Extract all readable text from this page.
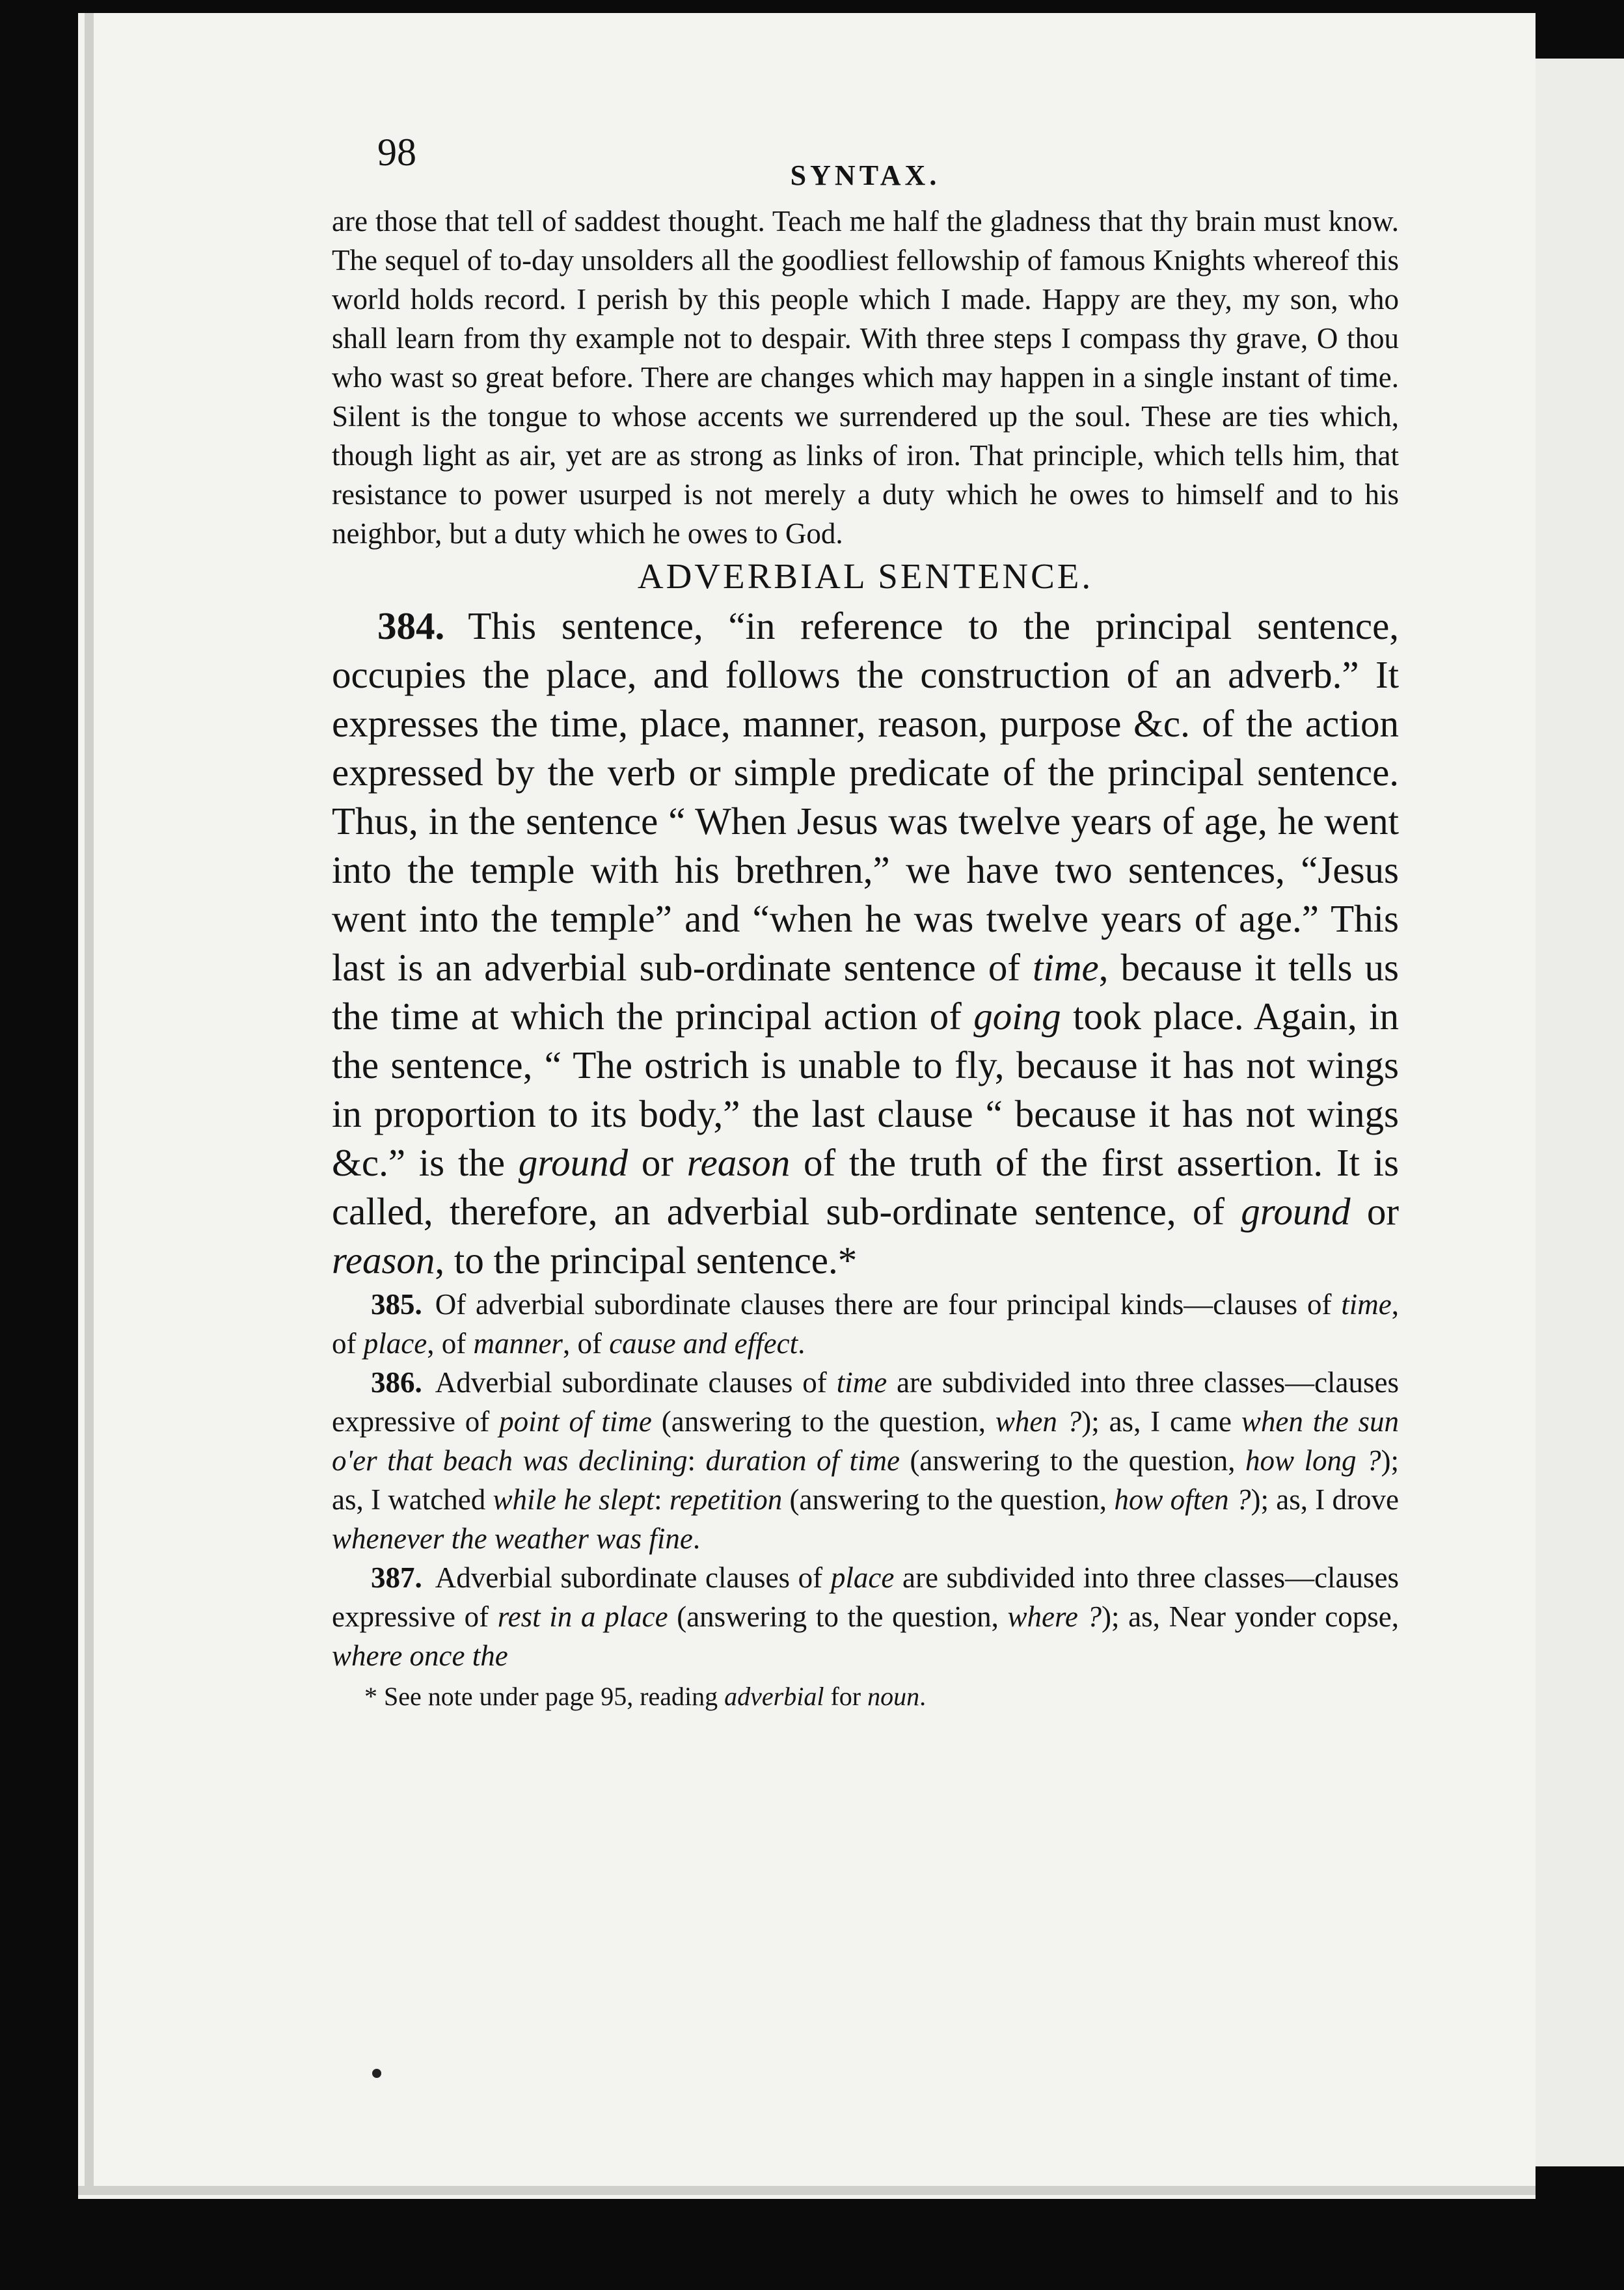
98
SYNTAX.

are those that tell of saddest thought. Teach me half the gladness that thy brain must know. The sequel of to-day unsolders all the goodliest fellowship of famous Knights whereof this world holds record. I perish by this people which I made. Happy are they, my son, who shall learn from thy example not to despair. With three steps I compass thy grave, O thou who wast so great before. There are changes which may happen in a single instant of time. Silent is the tongue to whose accents we surrendered up the soul. These are ties which, though light as air, yet are as strong as links of iron. That principle, which tells him, that resistance to power usurped is not merely a duty which he owes to himself and to his neighbor, but a duty which he owes to God.

ADVERBIAL SENTENCE.

384. This sentence, “in reference to the principal sentence, occupies the place, and follows the construction of an adverb.” It expresses the time, place, manner, reason, purpose &c. of the action expressed by the verb or simple predicate of the principal sentence. Thus, in the sentence “ When Jesus was twelve years of age, he went into the temple with his brethren,” we have two sentences, “Jesus went into the temple” and “when he was twelve years of age.” This last is an adverbial sub-ordinate sentence of time, because it tells us the time at which the principal action of going took place. Again, in the sentence, “ The ostrich is unable to fly, because it has not wings in proportion to its body,” the last clause “ because it has not wings &c.” is the ground or reason of the truth of the first assertion. It is called, therefore, an adverbial sub-ordinate sentence, of ground or reason, to the principal sentence.*

385. Of adverbial subordinate clauses there are four principal kinds—clauses of time, of place, of manner, of cause and effect.

386. Adverbial subordinate clauses of time are subdivided into three classes—clauses expressive of point of time (answering to the question, when ?); as, I came when the sun o'er that beach was declining: duration of time (answering to the question, how long ?); as, I watched while he slept: repetition (answering to the question, how often ?); as, I drove whenever the weather was fine.

387. Adverbial subordinate clauses of place are subdivided into three classes—clauses expressive of rest in a place (answering to the question, where ?); as, Near yonder copse, where once the

* See note under page 95, reading adverbial for noun.
